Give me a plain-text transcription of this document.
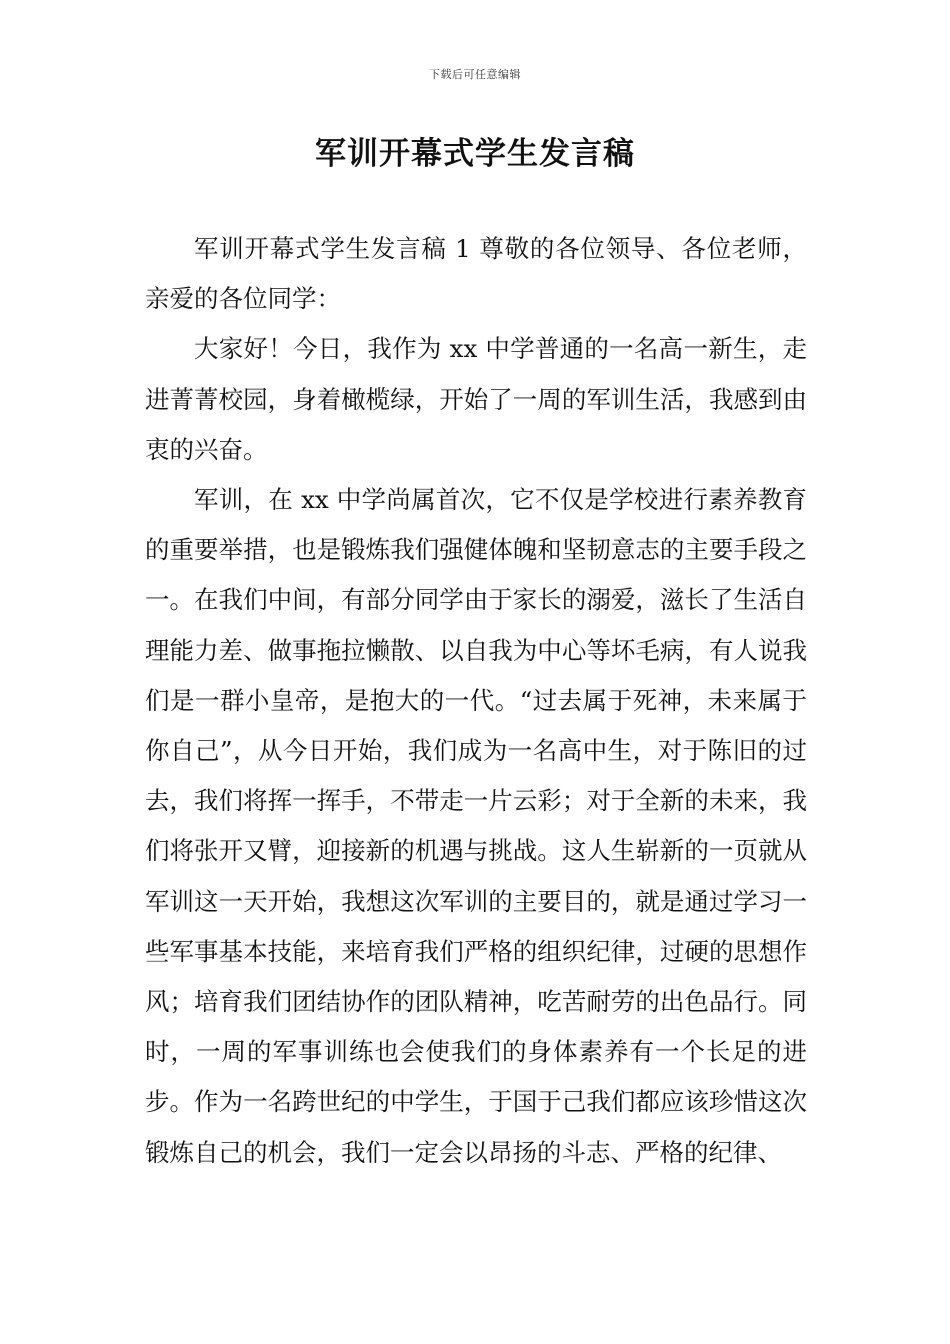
下载后可任意编辑
军训开幕式学生发言稿

军训开幕式学生发言稿 1 尊敬的各位领导、各位老师，亲爱的各位同学：

大家好！今日，我作为 xx 中学普通的一名高一新生，走进菁菁校园，身着橄榄绿，开始了一周的军训生活，我感到由衷的兴奋。

军训，在 xx 中学尚属首次，它不仅是学校进行素养教育的重要举措，也是锻炼我们强健体魄和坚韧意志的主要手段之一。在我们中间，有部分同学由于家长的溺爱，滋长了生活自理能力差、做事拖拉懒散、以自我为中心等坏毛病，有人说我们是一群小皇帝，是抱大的一代。“过去属于死神，未来属于你自己”，从今日开始，我们成为一名高中生，对于陈旧的过去，我们将挥一挥手，不带走一片云彩；对于全新的未来，我们将张开又臂，迎接新的机遇与挑战。这人生崭新的一页就从军训这一天开始，我想这次军训的主要目的，就是通过学习一些军事基本技能，来培育我们严格的组织纪律，过硬的思想作风；培育我们团结协作的团队精神，吃苦耐劳的出色品行。同时，一周的军事训练也会使我们的身体素养有一个长足的进步。作为一名跨世纪的中学生，于国于己我们都应该珍惜这次锻炼自己的机会，我们一定会以昂扬的斗志、严格的纪律、
